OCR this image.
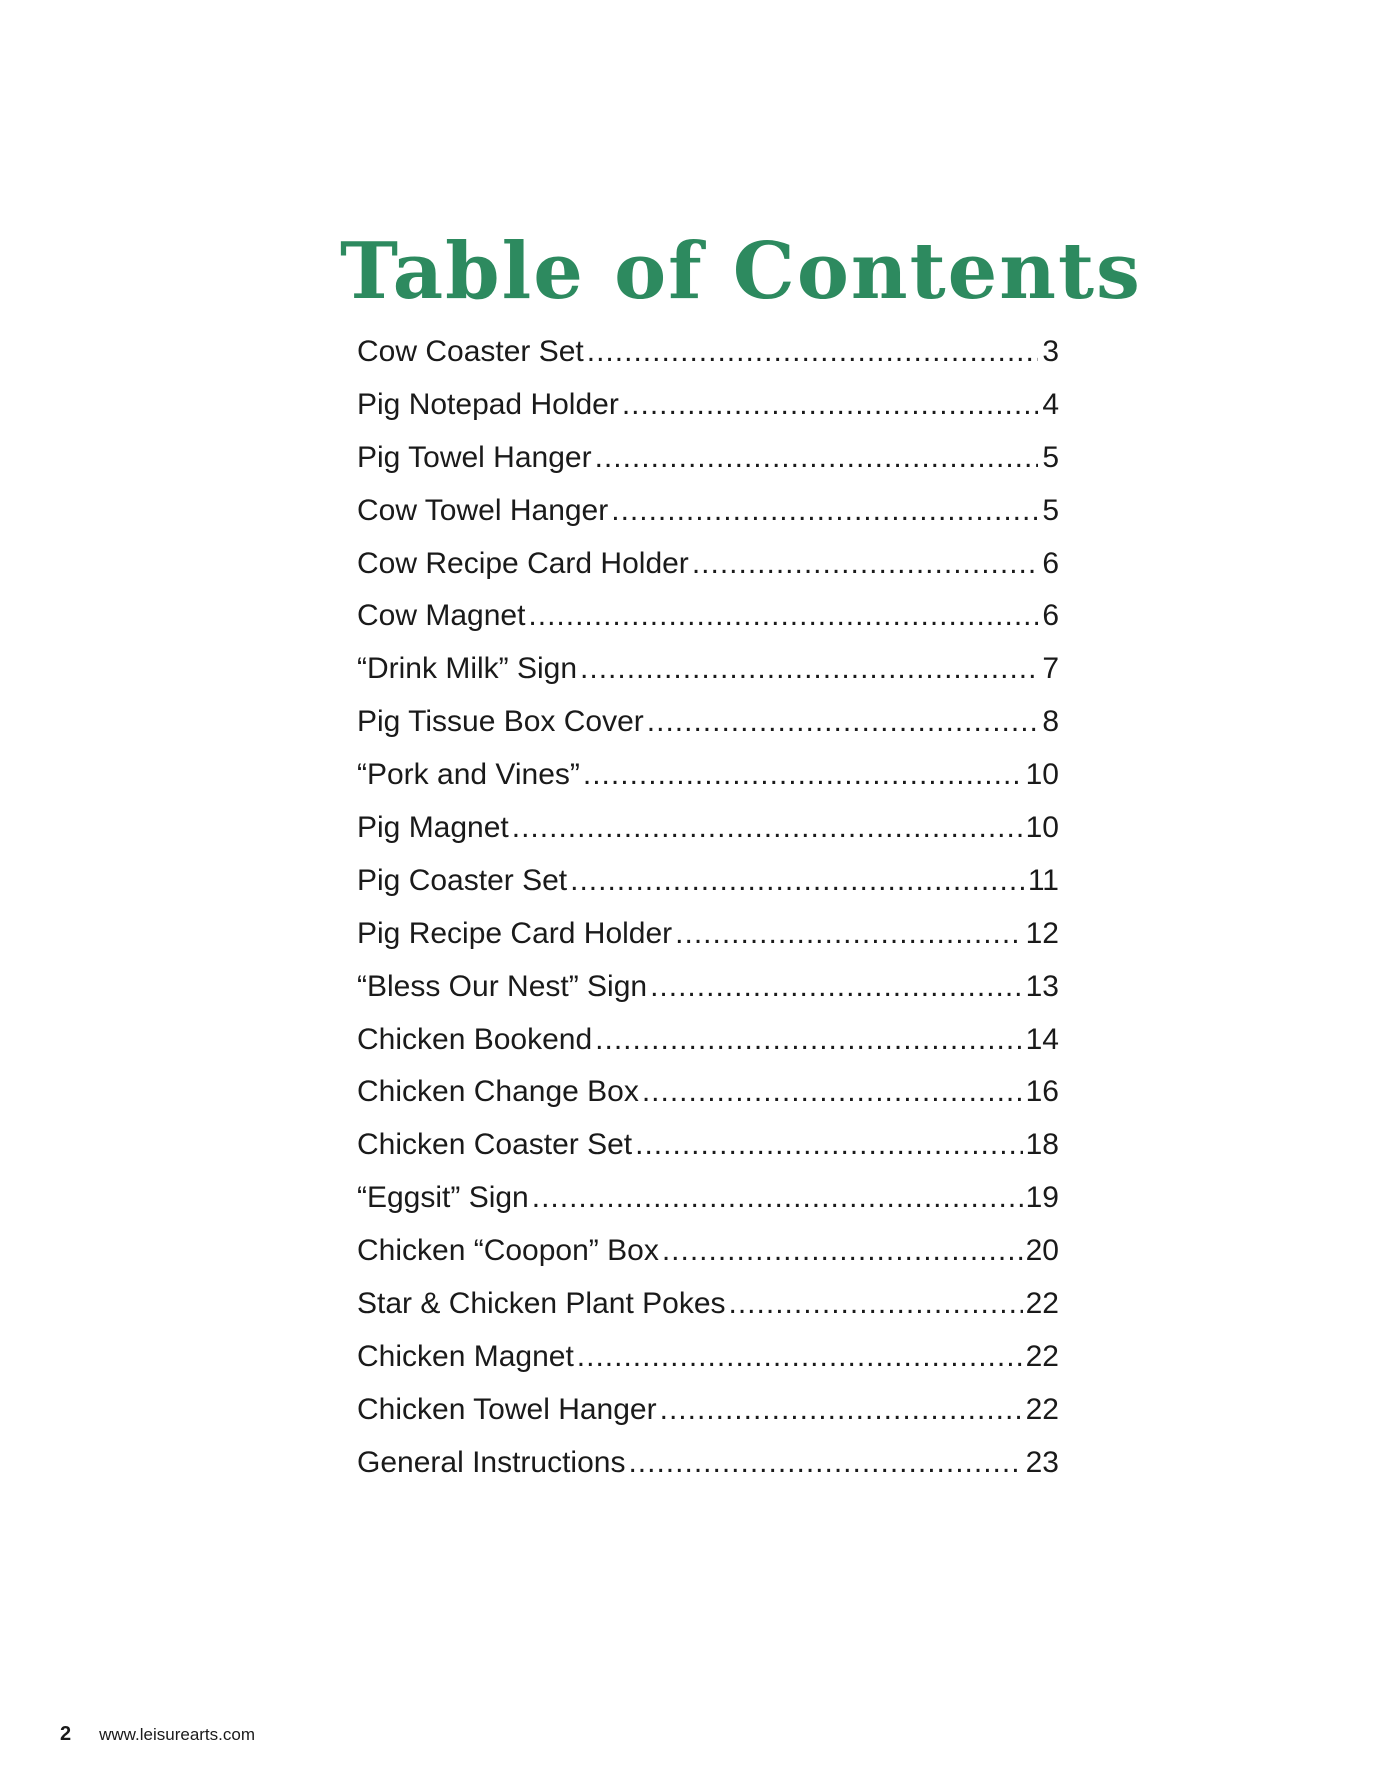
Table of Contents
Cow Coaster Set .....	3
Pig Notepad Holder .....	4
Pig Towel Hanger .....	5
Cow Towel Hanger .....	5
Cow Recipe Card Holder .....	6
Cow Magnet .....	6
“Drink Milk” Sign .....	7
Pig Tissue Box Cover .....	8
“Pork and Vines” .....	10
Pig Magnet .....	10
Pig Coaster Set .....	11
Pig Recipe Card Holder .....	12
“Bless Our Nest” Sign .....	13
Chicken Bookend .....	14
Chicken Change Box .....	16
Chicken Coaster Set .....	18
“Eggsit” Sign .....	19
Chicken “Coopon” Box .....	20
Star & Chicken Plant Pokes .....	22
Chicken Magnet .....	22
Chicken Towel Hanger .....	22
General Instructions .....	23
2 www.leisurearts.com
